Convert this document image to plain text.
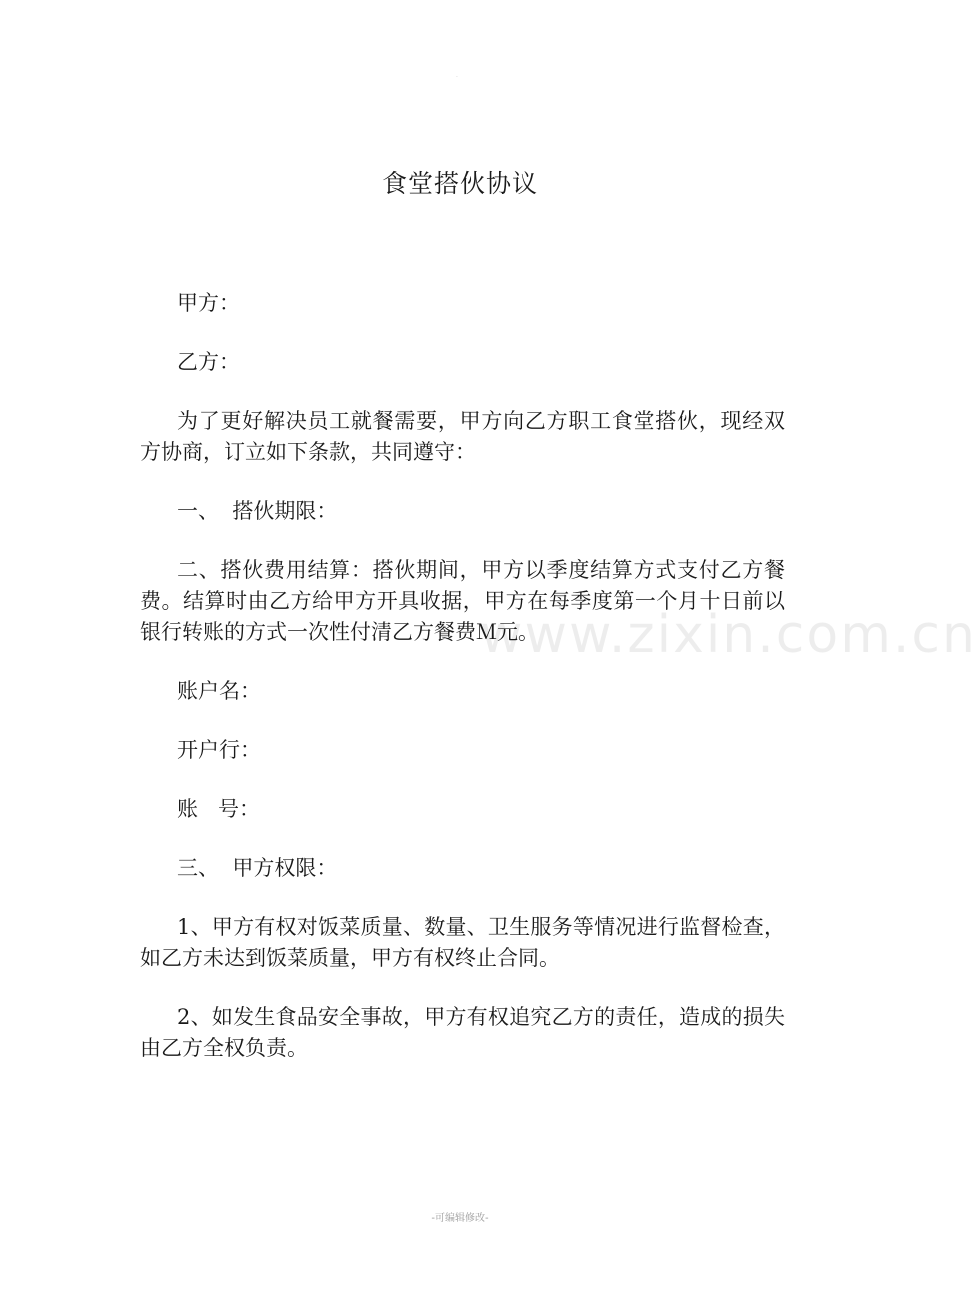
·
食堂搭伙协议

甲方：

乙方：

为了更好解决员工就餐需要，甲方向乙方职工食堂搭伙，现经双方协商，订立如下条款，共同遵守：

一、  搭伙期限：

二、搭伙费用结算：搭伙期间，甲方以季度结算方式支付乙方餐费。结算时由乙方给甲方开具收据，甲方在每季度第一个月十日前以银行转账的方式一次性付清乙方餐费Ｍ元。

账户名：

开户行：

账   号：

三、  甲方权限：

1、甲方有权对饭菜质量、数量、卫生服务等情况进行监督检查，如乙方未达到饭菜质量，甲方有权终止合同。

2、如发生食品安全事故，甲方有权追究乙方的责任，造成的损失由乙方全权负责。

www.zixin.com.cn
-可编辑修改-
